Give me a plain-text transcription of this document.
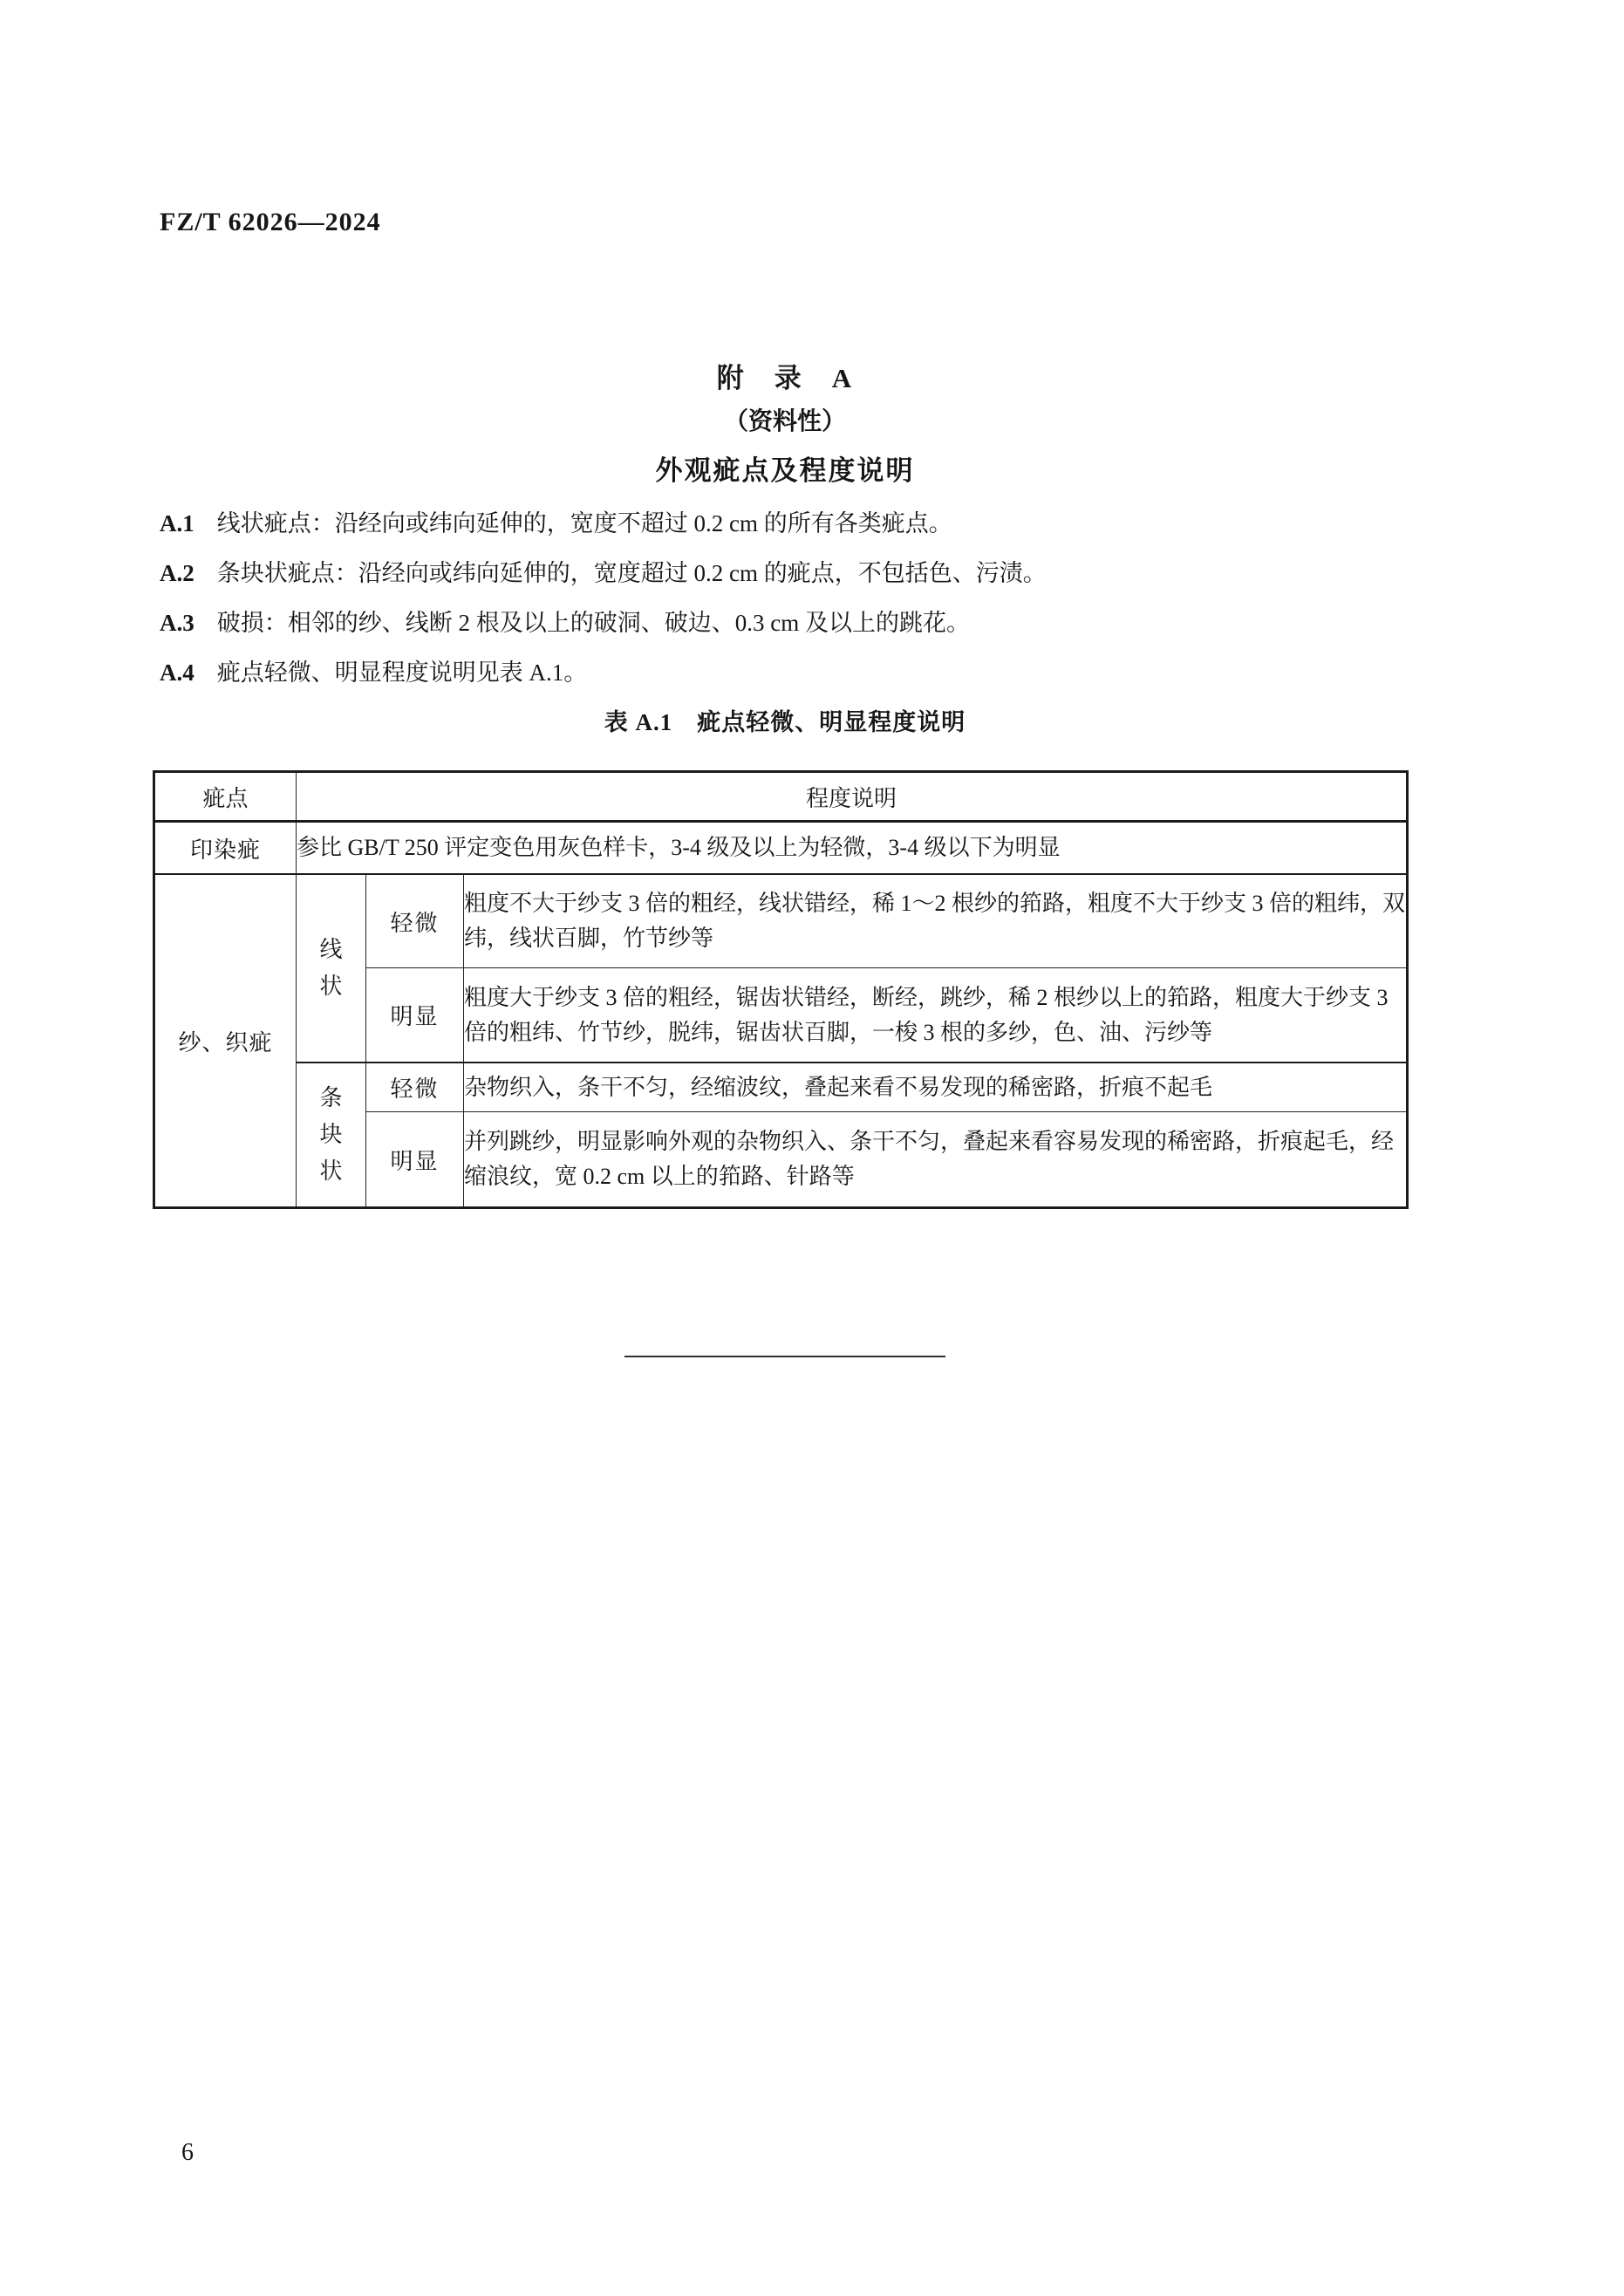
FZ/T 62026—2024
附　录　A
（资料性）
外观疵点及程度说明
A.1 线状疵点：沿经向或纬向延伸的，宽度不超过 0.2 cm 的所有各类疵点。
A.2 条块状疵点：沿经向或纬向延伸的，宽度超过 0.2 cm 的疵点，不包括色、污渍。
A.3 破损：相邻的纱、线断 2 根及以上的破洞、破边、0.3 cm 及以上的跳花。
A.4 疵点轻微、明显程度说明见表 A.1。
表 A.1　疵点轻微、明显程度说明
疵点	程度说明		
印染疵	参比 GB/T 250 评定变色用灰色样卡，3-4 级及以上为轻微，3-4 级以下为明显		
纱、织疵	线状	轻微	粗度不大于纱支 3 倍的粗经，线状错经，稀 1～2 根纱的筘路，粗度不大于纱支 3 倍的粗纬，双纬，线状百脚，竹节纱等
		明显	粗度大于纱支 3 倍的粗经，锯齿状错经，断经，跳纱，稀 2 根纱以上的筘路，粗度大于纱支 3 倍的粗纬、竹节纱，脱纬，锯齿状百脚，一梭 3 根的多纱，色、油、污纱等
	条块状	轻微	杂物织入，条干不匀，经缩波纹，叠起来看不易发现的稀密路，折痕不起毛
		明显	并列跳纱，明显影响外观的杂物织入、条干不匀，叠起来看容易发现的稀密路，折痕起毛，经缩浪纹，宽 0.2 cm 以上的筘路、针路等
6
